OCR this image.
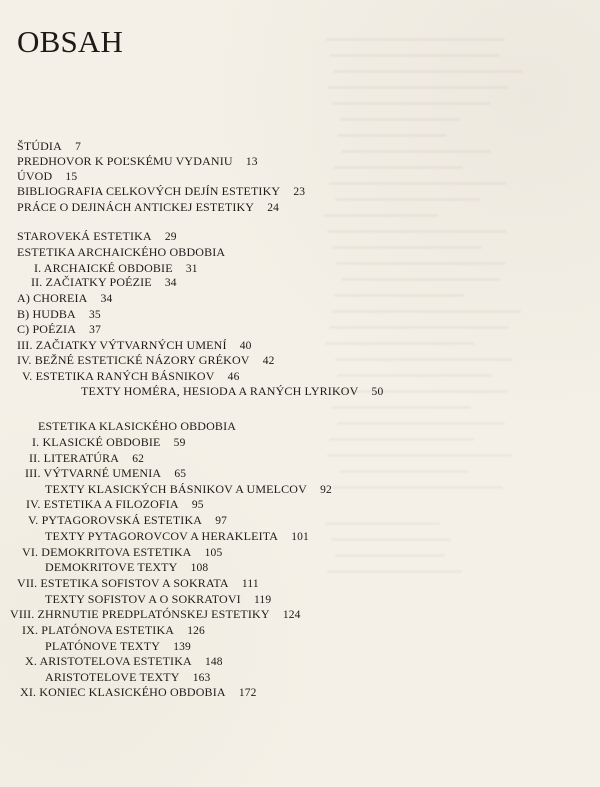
OBSAH
ŠTÚDIA 7
PREDHOVOR K POĽSKÉMU VYDANIU 13
ÚVOD 15
BIBLIOGRAFIA CELKOVÝCH DEJÍN ESTETIKY 23
PRÁCE O DEJINÁCH ANTICKEJ ESTETIKY 24
STAROVEKÁ ESTETIKA 29
ESTETIKA ARCHAICKÉHO OBDOBIA
I. ARCHAICKÉ OBDOBIE 31
II. ZAČIATKY POÉZIE 34
A) CHOREIA 34
B) HUDBA 35
C) POÉZIA 37
III. ZAČIATKY VÝTVARNÝCH UMENÍ 40
IV. BEŽNÉ ESTETICKÉ NÁZORY GRÉKOV 42
V. ESTETIKA RANÝCH BÁSNIKOV 46
TEXTY HOMÉRA, HESIODA A RANÝCH LYRIKOV 50
ESTETIKA KLASICKÉHO OBDOBIA
I. KLASICKÉ OBDOBIE 59
II. LITERATÚRA 62
III. VÝTVARNÉ UMENIA 65
TEXTY KLASICKÝCH BÁSNIKOV A UMELCOV 92
IV. ESTETIKA A FILOZOFIA 95
V. PYTAGOROVSKÁ ESTETIKA 97
TEXTY PYTAGOROVCOV A HERAKLEITA 101
VI. DEMOKRITOVA ESTETIKA 105
DEMOKRITOVE TEXTY 108
VII. ESTETIKA SOFISTOV A SOKRATA 111
TEXTY SOFISTOV A O SOKRATOVI 119
VIII. ZHRNUTIE PREDPLATÓNSKEJ ESTETIKY 124
IX. PLATÓNOVA ESTETIKA 126
PLATÓNOVE TEXTY 139
X. ARISTOTELOVA ESTETIKA 148
ARISTOTELOVE TEXTY 163
XI. KONIEC KLASICKÉHO OBDOBIA 172
